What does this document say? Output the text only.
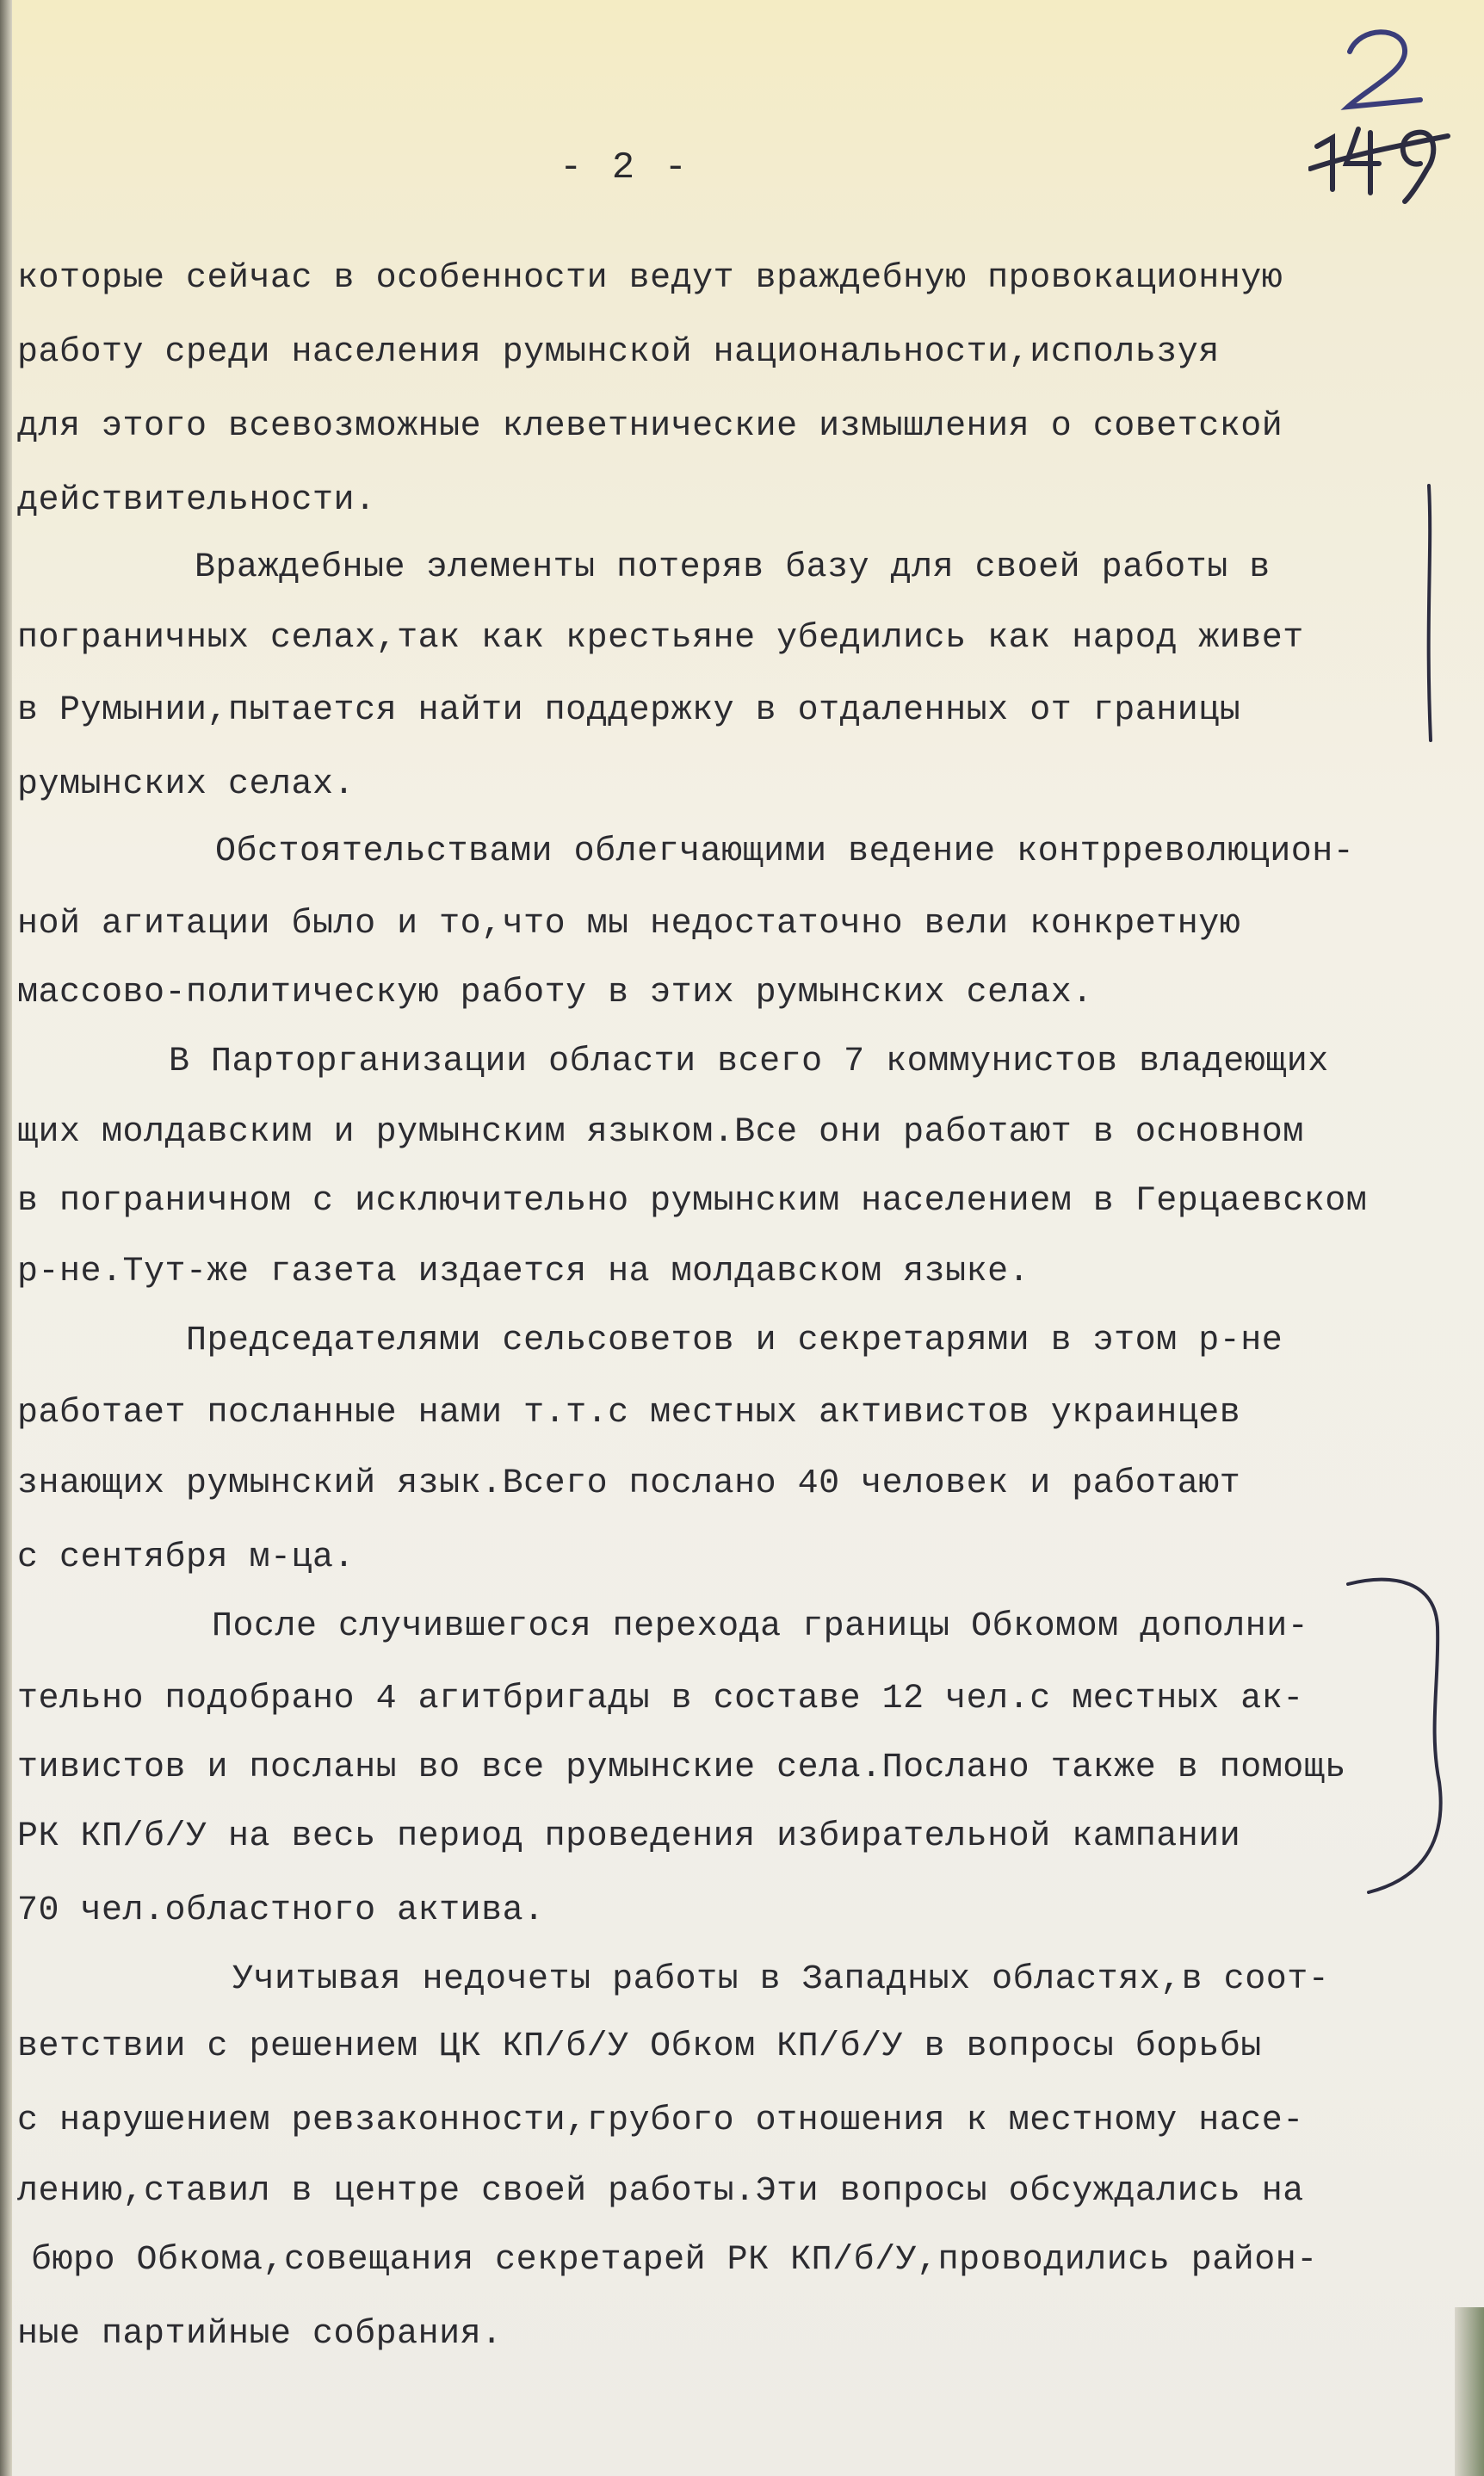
- 2 -
которые сейчас в особенности ведут враждебную провокационную
работу среди населения румынской национальности,используя
для этого всевозможные клеветнические измышления о советской
действительности.
Враждебные элементы потеряв базу для своей работы в
пограничных селах,так как крестьяне убедились как народ живет
в Румынии,пытается найти поддержку в отдаленных от границы
румынских селах.
Обстоятельствами облегчающими ведение контрреволюцион-
ной агитации было и то,что мы недостаточно вели конкретную
массово-политическую работу в этих румынских селах.
В Парторганизации области всего 7 коммунистов владеющих
щих молдавским и румынским языком.Все они работают в основном
в пограничном с исключительно румынским населением в Герцаевском
р-не.Тут-же газета издается на молдавском языке.
Председателями сельсоветов и секретарями в этом р-не
работает посланные нами т.т.с местных активистов украинцев
знающих румынский язык.Всего послано 40 человек и работают
с сентября м-ца.
После случившегося перехода границы Обкомом дополни-
тельно подобрано 4 агитбригады в составе 12 чел.с местных ак-
тивистов и посланы во все румынские села.Послано также в помощь
РК КП/б/У на весь период проведения избирательной кампании
70 чел.областного актива.
Учитывая недочеты работы в Западных областях,в соот-
ветствии с решением ЦК КП/б/У Обком КП/б/У в вопросы борьбы
с нарушением ревзаконности,грубого отношения к местному насе-
лению,ставил в центре своей работы.Эти вопросы обсуждались на
бюро Обкома,совещания секретарей РК КП/б/У,проводились район-
ные партийные собрания.
